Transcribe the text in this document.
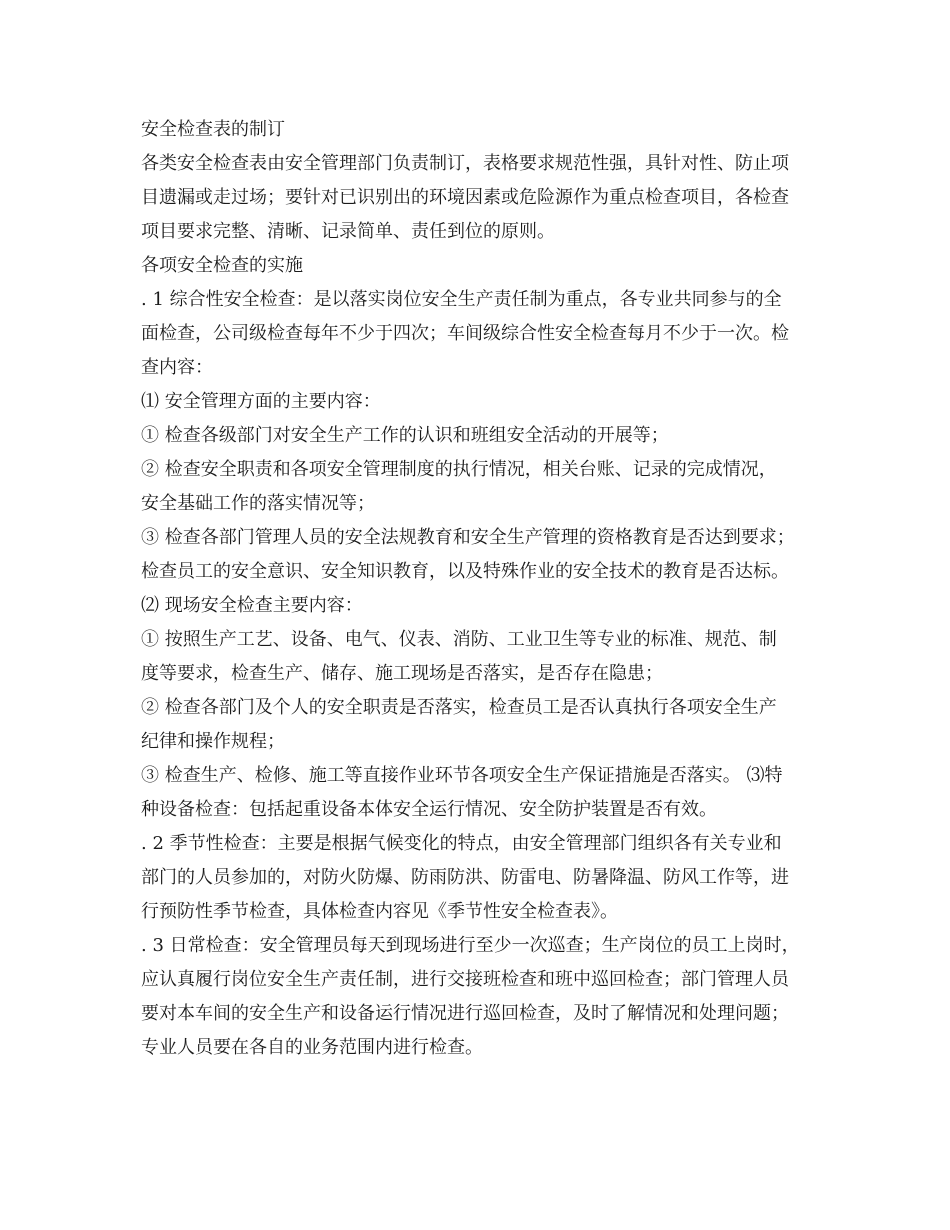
安全检查表的制订

各类安全检查表由安全管理部门负责制订，表格要求规范性强，具针对性、防止项

目遗漏或走过场；要针对已识别出的环境因素或危险源作为重点检查项目，各检查

项目要求完整、清晰、记录简单、责任到位的原则。

各项安全检查的实施

. 1 综合性安全检查：是以落实岗位安全生产责任制为重点，各专业共同参与的全

面检查，公司级检查每年不少于四次；车间级综合性安全检查每月不少于一次。检

查内容：

⑴ 安全管理方面的主要内容：

① 检查各级部门对安全生产工作的认识和班组安全活动的开展等；

② 检查安全职责和各项安全管理制度的执行情况，相关台账、记录的完成情况，

安全基础工作的落实情况等；

③ 检查各部门管理人员的安全法规教育和安全生产管理的资格教育是否达到要求；

检查员工的安全意识、安全知识教育，以及特殊作业的安全技术的教育是否达标。

⑵ 现场安全检查主要内容：

① 按照生产工艺、设备、电气、仪表、消防、工业卫生等专业的标准、规范、制

度等要求，检查生产、储存、施工现场是否落实，是否存在隐患；

② 检查各部门及个人的安全职责是否落实，检查员工是否认真执行各项安全生产

纪律和操作规程；

③ 检查生产、检修、施工等直接作业环节各项安全生产保证措施是否落实。 ⑶特

种设备检查：包括起重设备本体安全运行情况、安全防护装置是否有效。

. 2 季节性检查：主要是根据气候变化的特点，由安全管理部门组织各有关专业和

部门的人员参加的，对防火防爆、防雨防洪、防雷电、防暑降温、防风工作等，进

行预防性季节检查，具体检查内容见《季节性安全检查表》。

. 3 日常检查：安全管理员每天到现场进行至少一次巡查；生产岗位的员工上岗时，

应认真履行岗位安全生产责任制，进行交接班检查和班中巡回检查；部门管理人员

要对本车间的安全生产和设备运行情况进行巡回检查，及时了解情况和处理问题；

专业人员要在各自的业务范围内进行检查。
